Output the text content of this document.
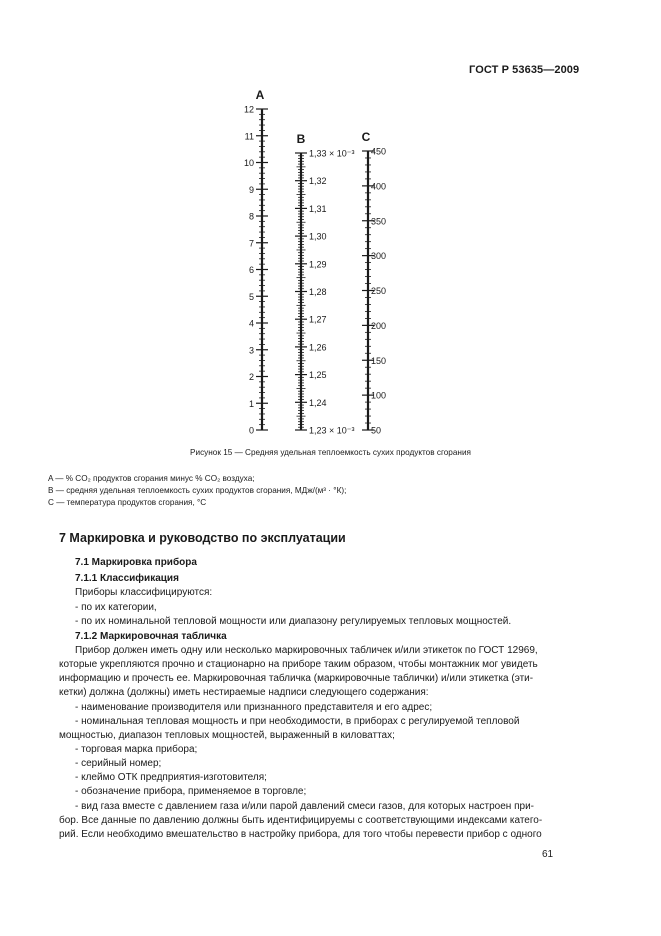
ГОСТ Р 53635—2009
12
11
10
9
8
7
6
5
4
3
2
1
0
A
1,33 × 10⁻³
1,32
1,31
1,30
1,29
1,28
1,27
1,26
1,25
1,24
1,23 × 10⁻³
B
450
400
350
300
250
200
150
100
50
C
Рисунок 15 — Средняя удельная теплоемкость сухих продуктов сгорания
A — % CO₂ продуктов сгорания минус % CO₂ воздуха;
B — средняя удельная теплоемкость сухих продуктов сгорания, МДж/(м³ · °К);
C — температура продуктов сгорания, °C
7 Маркировка и руководство по эксплуатации
7.1 Маркировка прибора
7.1.1 Классификация
Приборы классифицируются:
- по их категории,
- по их номинальной тепловой мощности или диапазону регулируемых тепловых мощностей.
7.1.2 Маркировочная табличка
Прибор должен иметь одну или несколько маркировочных табличек и/или этикеток по ГОСТ 12969,
которые укрепляются прочно и стационарно на приборе таким образом, чтобы монтажник мог увидеть
информацию и прочесть ее. Маркировочная табличка (маркировочные таблички) и/или этикетка (эти-
кетки) должна (должны) иметь нестираемые надписи следующего содержания:
- наименование производителя или признанного представителя и его адрес;
- номинальная тепловая мощность и при необходимости, в приборах с регулируемой тепловой
мощностью, диапазон тепловых мощностей, выраженный в киловаттах;
- торговая марка прибора;
- серийный номер;
- клеймо ОТК предприятия-изготовителя;
- обозначение прибора, применяемое в торговле;
- вид газа вместе с давлением газа и/или парой давлений смеси газов, для которых настроен при-
бор. Все данные по давлению должны быть идентифицируемы с соответствующими индексами катего-
рий. Если необходимо вмешательство в настройку прибора, для того чтобы перевести прибор с одного
61
